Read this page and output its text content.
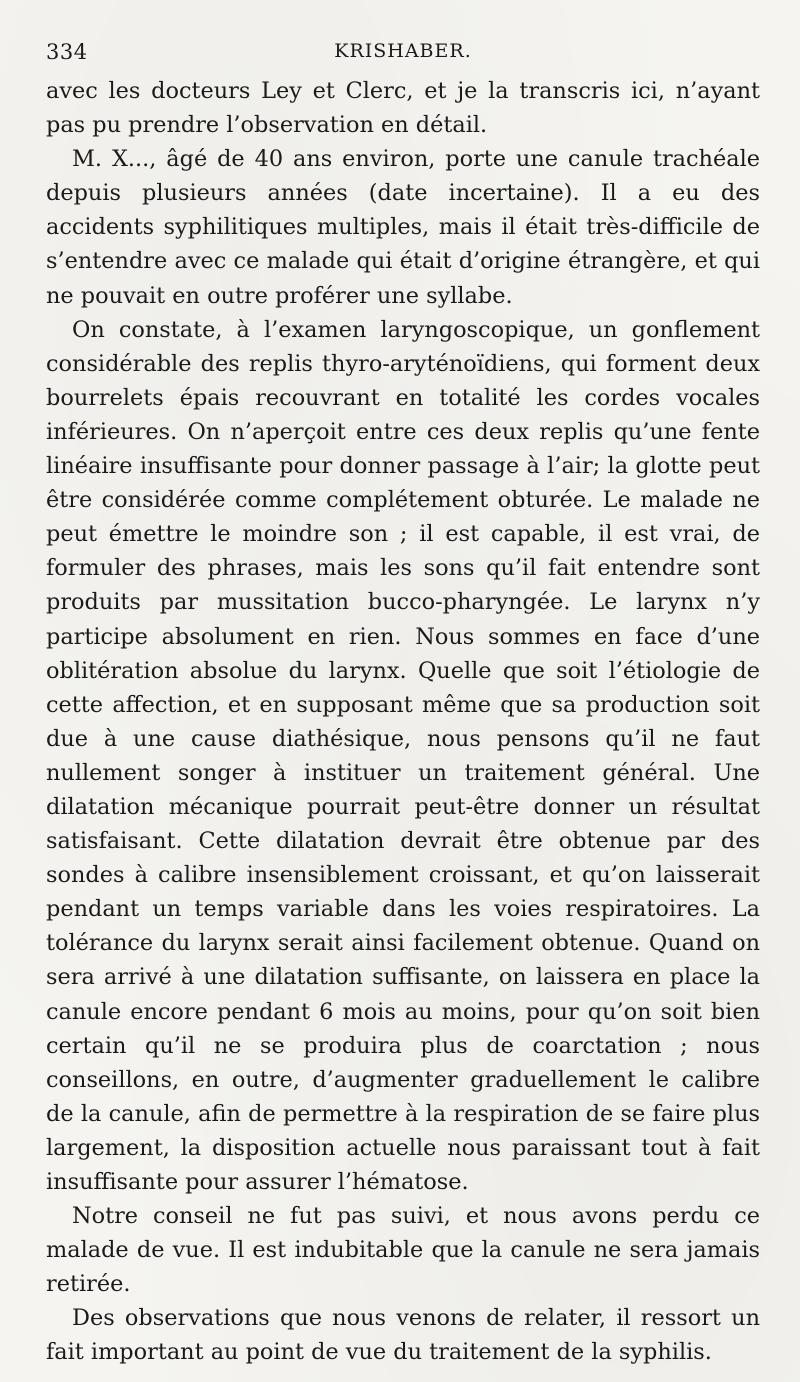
334	KRISHABER.

avec les docteurs Ley et Clerc, et je la transcris ici, n’ayant pas pu prendre l’observation en détail.

M. X..., âgé de 40 ans environ, porte une canule trachéale depuis plusieurs années (date incertaine). Il a eu des accidents syphilitiques multiples, mais il était très-difficile de s’entendre avec ce malade qui était d’origine étrangère, et qui ne pouvait en outre proférer une syllabe.

On constate, à l’examen laryngoscopique, un gonflement considérable des replis thyro-aryténoïdiens, qui forment deux bourrelets épais recouvrant en totalité les cordes vocales inférieures. On n’aperçoit entre ces deux replis qu’une fente linéaire insuffisante pour donner passage à l’air; la glotte peut être considérée comme complétement obturée. Le malade ne peut émettre le moindre son ; il est capable, il est vrai, de formuler des phrases, mais les sons qu’il fait entendre sont produits par mussitation bucco-pharyngée. Le larynx n’y participe absolument en rien. Nous sommes en face d’une oblitération absolue du larynx. Quelle que soit l’étiologie de cette affection, et en supposant même que sa production soit due à une cause diathésique, nous pensons qu’il ne faut nullement songer à instituer un traitement général. Une dilatation mécanique pourrait peut-être donner un résultat satisfaisant. Cette dilatation devrait être obtenue par des sondes à calibre insensiblement croissant, et qu’on laisserait pendant un temps variable dans les voies respiratoires. La tolérance du larynx serait ainsi facilement obtenue. Quand on sera arrivé à une dilatation suffisante, on laissera en place la canule encore pendant 6 mois au moins, pour qu’on soit bien certain qu’il ne se produira plus de coarctation ; nous conseillons, en outre, d’augmenter graduellement le calibre de la canule, afin de permettre à la respiration de se faire plus largement, la disposition actuelle nous paraissant tout à fait insuffisante pour assurer l’hématose.

Notre conseil ne fut pas suivi, et nous avons perdu ce malade de vue. Il est indubitable que la canule ne sera jamais retirée.

Des observations que nous venons de relater, il ressort un fait important au point de vue du traitement de la syphilis.
